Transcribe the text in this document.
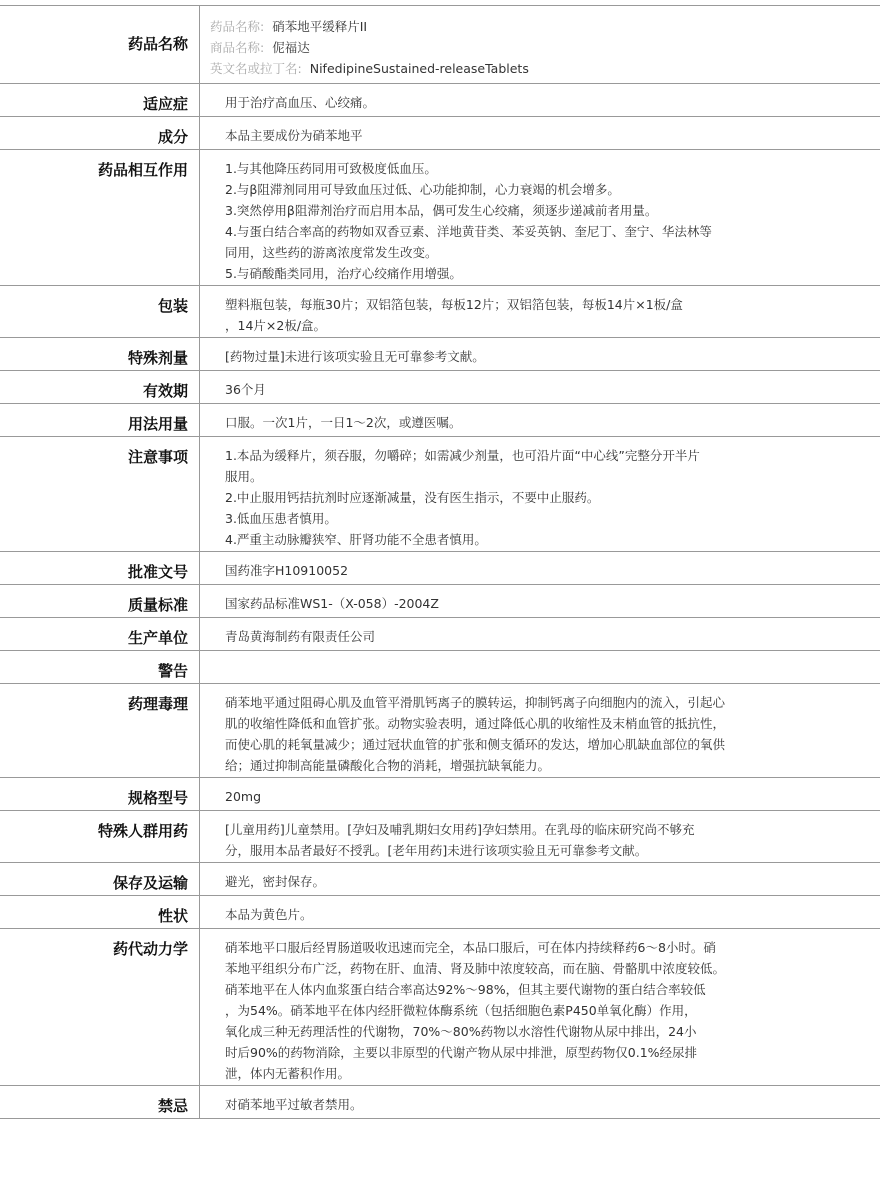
药品名称
药品名称: 硝苯地平缓释片II
商品名称: 伲福达
英文名或拉丁名: NifedipineSustained-releaseTablets
适应症	用于治疗高血压、心绞痛。
成分	本品主要成份为硝苯地平
药品相互作用	1.与其他降压药同用可致极度低血压。
2.与β阻滞剂同用可导致血压过低、心功能抑制，心力衰竭的机会增多。
3.突然停用β阻滞剂治疗而启用本品，偶可发生心绞痛，须逐步递减前者用量。
4.与蛋白结合率高的药物如双香豆素、洋地黄苷类、苯妥英钠、奎尼丁、奎宁、华法林等
同用，这些药的游离浓度常发生改变。
5.与硝酸酯类同用，治疗心绞痛作用增强。
包装	塑料瓶包装，每瓶30片；双铝箔包装，每板12片；双铝箔包装，每板14片×1板/盒
，14片×2板/盒。
特殊剂量	[药物过量]未进行该项实验且无可靠参考文献。
有效期	36个月
用法用量	口服。一次1片，一日1～2次，或遵医嘱。
注意事项	1.本品为缓释片，须吞服，勿嚼碎；如需减少剂量，也可沿片面“中心线”完整分开半片
服用。
2.中止服用钙拮抗剂时应逐渐减量，没有医生指示，不要中止服药。
3.低血压患者慎用。
4.严重主动脉瓣狭窄、肝肾功能不全患者慎用。
批准文号	国药准字H10910052
质量标准	国家药品标准WS1-（X-058）-2004Z
生产单位	青岛黄海制药有限责任公司
警告
药理毒理	硝苯地平通过阻碍心肌及血管平滑肌钙离子的膜转运，抑制钙离子向细胞内的流入，引起心
肌的收缩性降低和血管扩张。动物实验表明，通过降低心肌的收缩性及末梢血管的抵抗性，
而使心肌的耗氧量减少；通过冠状血管的扩张和侧支循环的发达，增加心肌缺血部位的氧供
给；通过抑制高能量磷酸化合物的消耗，增强抗缺氧能力。
规格型号	20mg
特殊人群用药	[儿童用药]儿童禁用。[孕妇及哺乳期妇女用药]孕妇禁用。在乳母的临床研究尚不够充
分，服用本品者最好不授乳。[老年用药]未进行该项实验且无可靠参考文献。
保存及运输	避光，密封保存。
性状	本品为黄色片。
药代动力学	硝苯地平口服后经胃肠道吸收迅速而完全，本品口服后，可在体内持续释药6～8小时。硝
苯地平组织分布广泛，药物在肝、血清、肾及肺中浓度较高，而在脑、骨骼肌中浓度较低。
硝苯地平在人体内血浆蛋白结合率高达92%～98%，但其主要代谢物的蛋白结合率较低
，为54%。硝苯地平在体内经肝微粒体酶系统（包括细胞色素P450单氧化酶）作用，
氧化成三种无药理活性的代谢物，70%～80%药物以水溶性代谢物从尿中排出，24小
时后90%的药物消除，主要以非原型的代谢产物从尿中排泄，原型药物仅0.1%经尿排
泄，体内无蓄积作用。
禁忌	对硝苯地平过敏者禁用。
